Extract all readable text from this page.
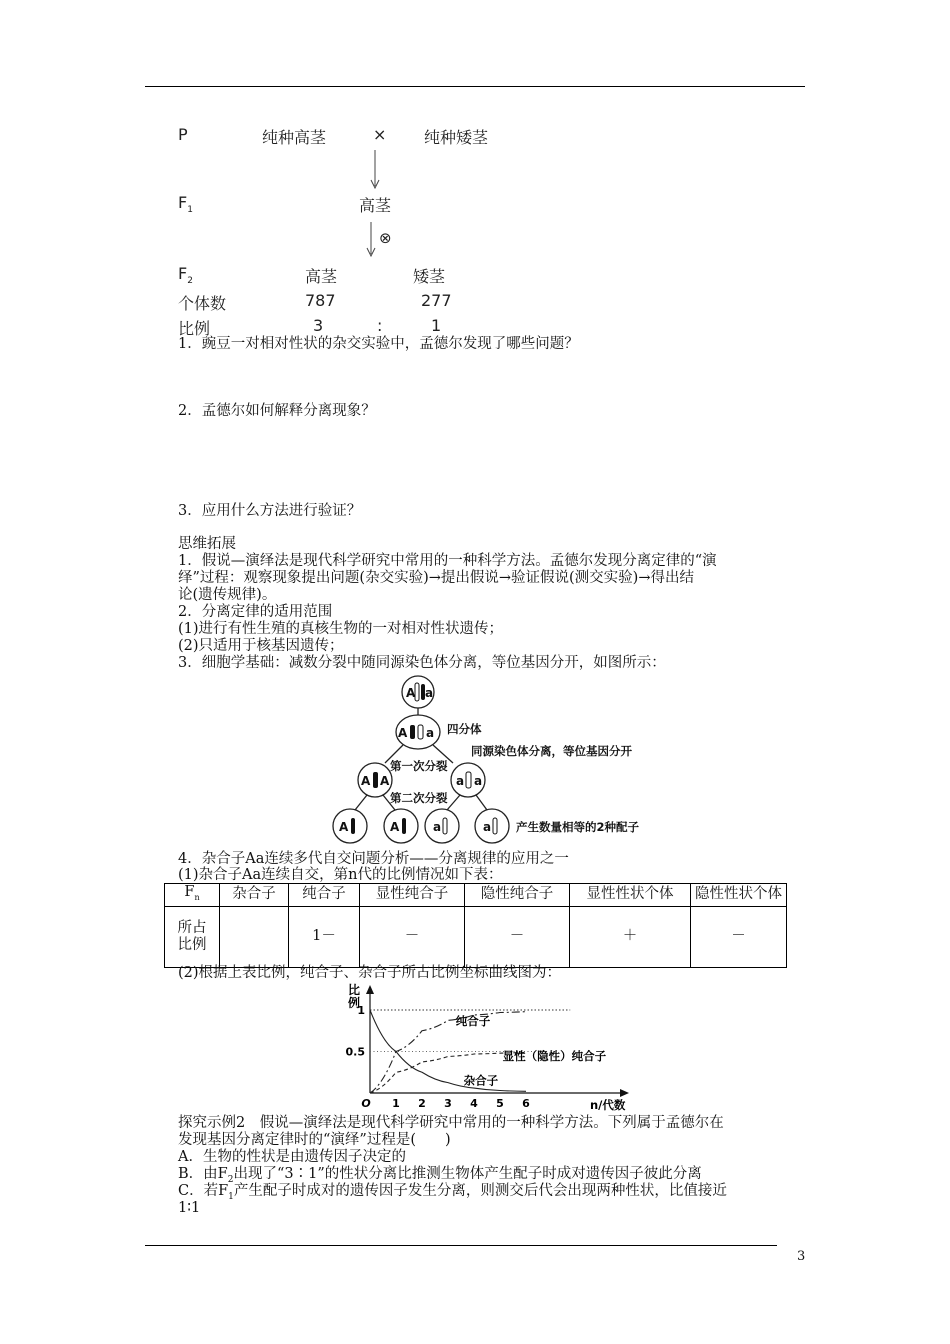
P	纯种高茎	× 纯种矮茎
$F_1$	高茎
⊗
$F_2$	高茎	矮茎
个体数	787	277
比例	3	:	1
1．豌豆一对相对性状的杂交实验中，孟德尔发现了哪些问题？
2．孟德尔如何解释分离现象？
3．应用什么方法进行验证？
思维拓展
1．假说—演绎法是现代科学研究中常用的一种科学方法。孟德尔发现分离定律的“演
绎”过程：观察现象提出问题(杂交实验)→提出假说→验证假说(测交实验)→得出结
论(遗传规律)。
2．分离定律的适用范围
(1)进行有性生殖的真核生物的一对相对性状遗传；
(2)只适用于核基因遗传；
3．细胞学基础：减数分裂中随同源染色体分离，等位基因分开，如图所示：
A a
A a
A A	a a
A	A	a	a
四分体
同源染色体分离，等位基因分开
第一次分裂
第二次分裂
产生数量相等的2种配子
4．杂合子Aa连续多代自交问题分析——分离规律的应用之一
(1)杂合子Aa连续自交，第n代的比例情况如下表：
$F_n$	杂合子	纯合子	显性纯合子	隐性纯合子	显性性状个体	隐性性状个体

所占
比例		1－	－	－	＋	－
(2)根据上表比例，纯合子、杂合子所占比例坐标曲线图为：
比
例
1
0.5
1 2 3 4 5 6
O	n/代数
纯合子
显性（隐性）纯合子
杂合子
探究示例2　假说—演绎法是现代科学研究中常用的一种科学方法。下列属于孟德尔在
发现基因分离定律时的“演绎”过程是(　　)
A．生物的性状是由遗传因子决定的
B．由$F_2$出现了“3∶1”的性状分离比推测生物体产生配子时成对遗传因子彼此分离
C．若$F_1$产生配子时成对的遗传因子发生分离，则测交后代会出现两种性状，比值接近
1∶1
3
